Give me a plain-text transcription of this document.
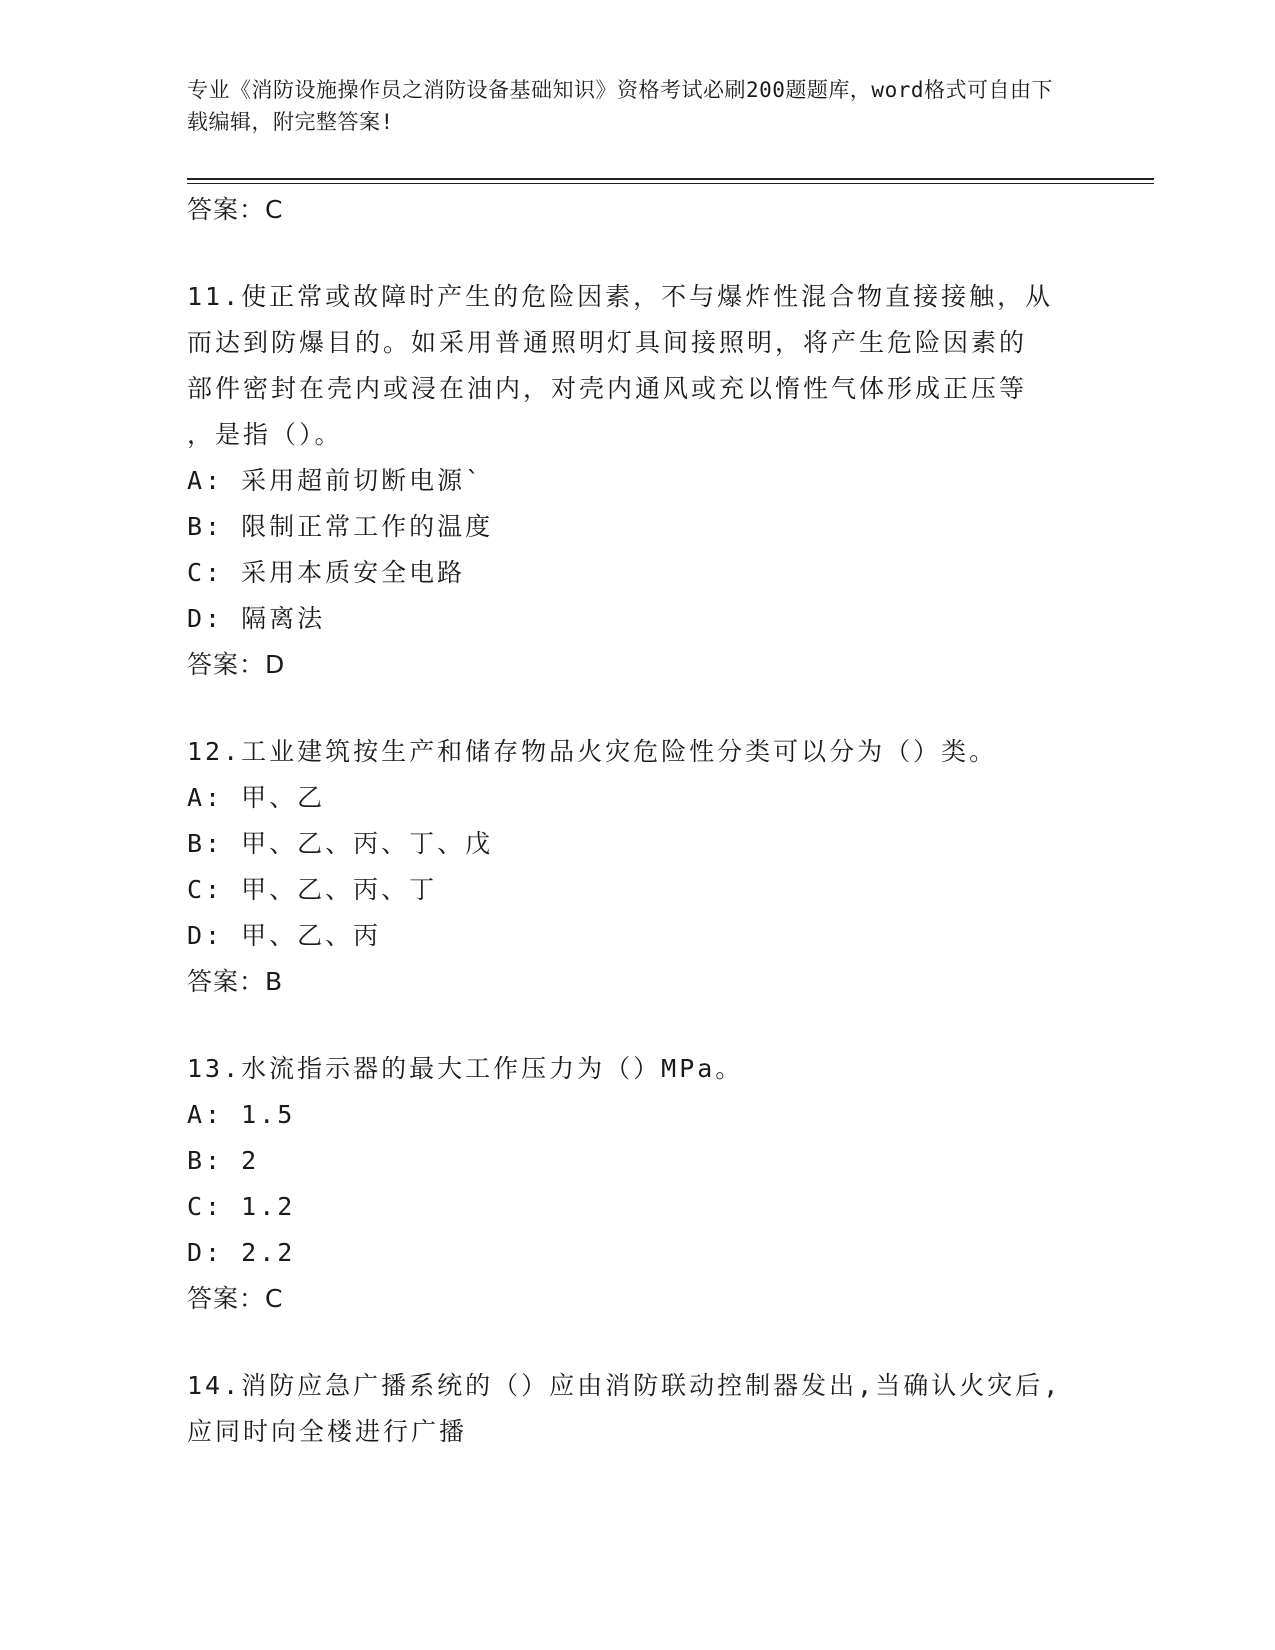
专业《消防设施操作员之消防设备基础知识》资格考试必刷200题题库，word格式可自由下载编辑，附完整答案!
答案：C
11.使正常或故障时产生的危险因素，不与爆炸性混合物直接接触，从
而达到防爆目的。如采用普通照明灯具间接照明，将产生危险因素的
部件密封在壳内或浸在油内，对壳内通风或充以惰性气体形成正压等
，是指（）。
A: 采用超前切断电源`
B: 限制正常工作的温度
C: 采用本质安全电路
D: 隔离法
答案：D
12.工业建筑按生产和储存物品火灾危险性分类可以分为（）类。
A: 甲、乙
B: 甲、乙、丙、丁、戊
C: 甲、乙、丙、丁
D: 甲、乙、丙
答案：B
13.水流指示器的最大工作压力为（）MPa。
A: 1.5
B: 2
C: 1.2
D: 2.2
答案：C
14.消防应急广播系统的（）应由消防联动控制器发出,当确认火灾后,
应同时向全楼进行广播
